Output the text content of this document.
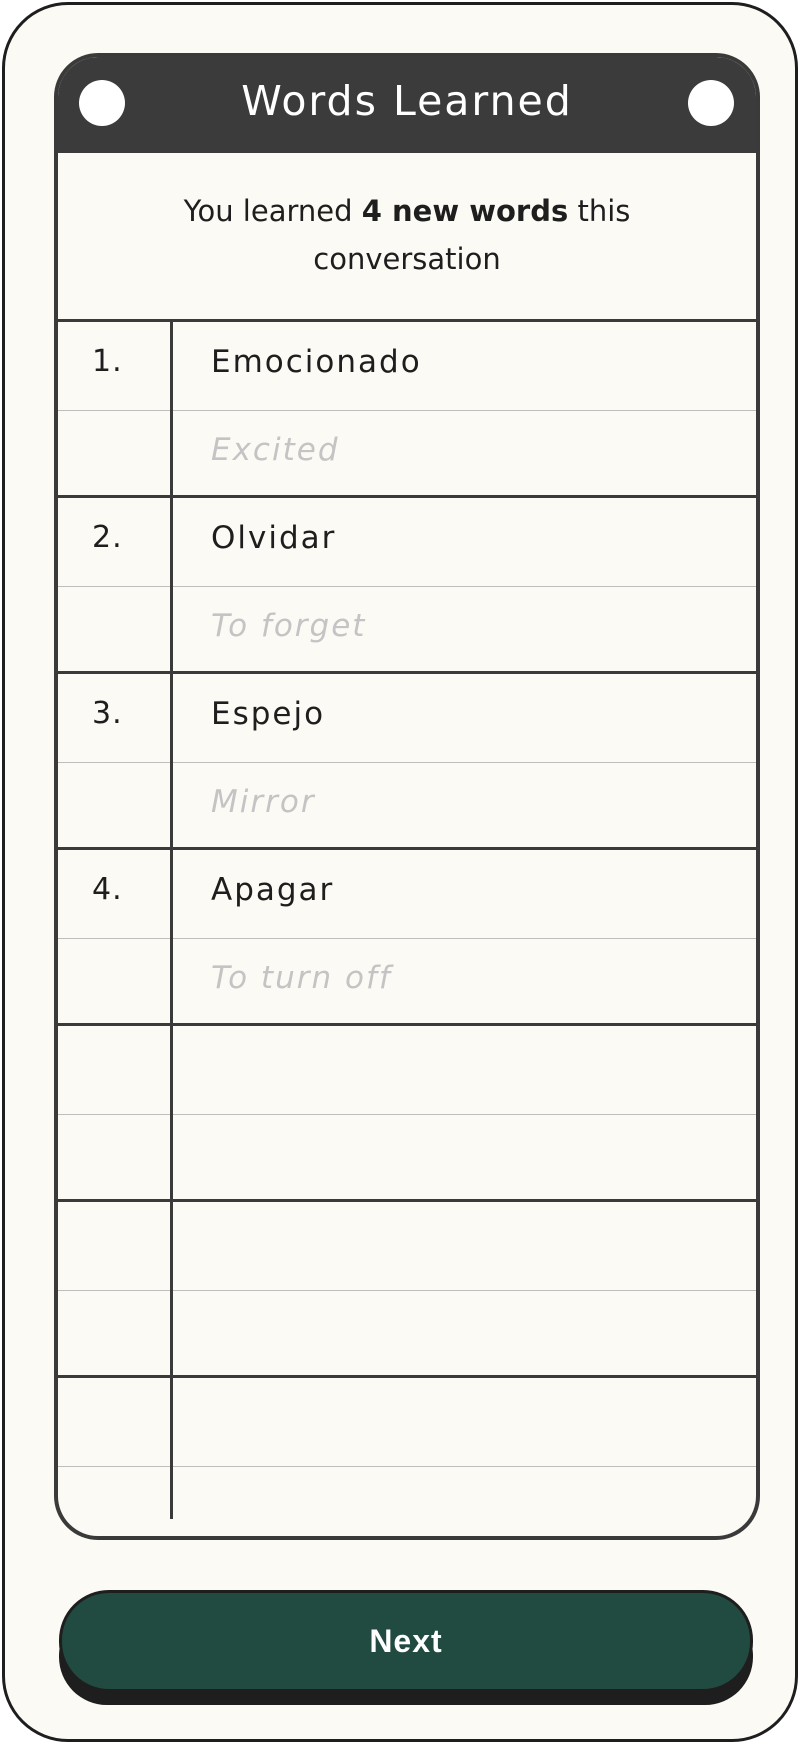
Words Learned
You learned 4 new words this conversation
1.	Emocionado
Excited
2.	Olvidar
To forget
3.	Espejo
Mirror
4.	Apagar
To turn off
Next
